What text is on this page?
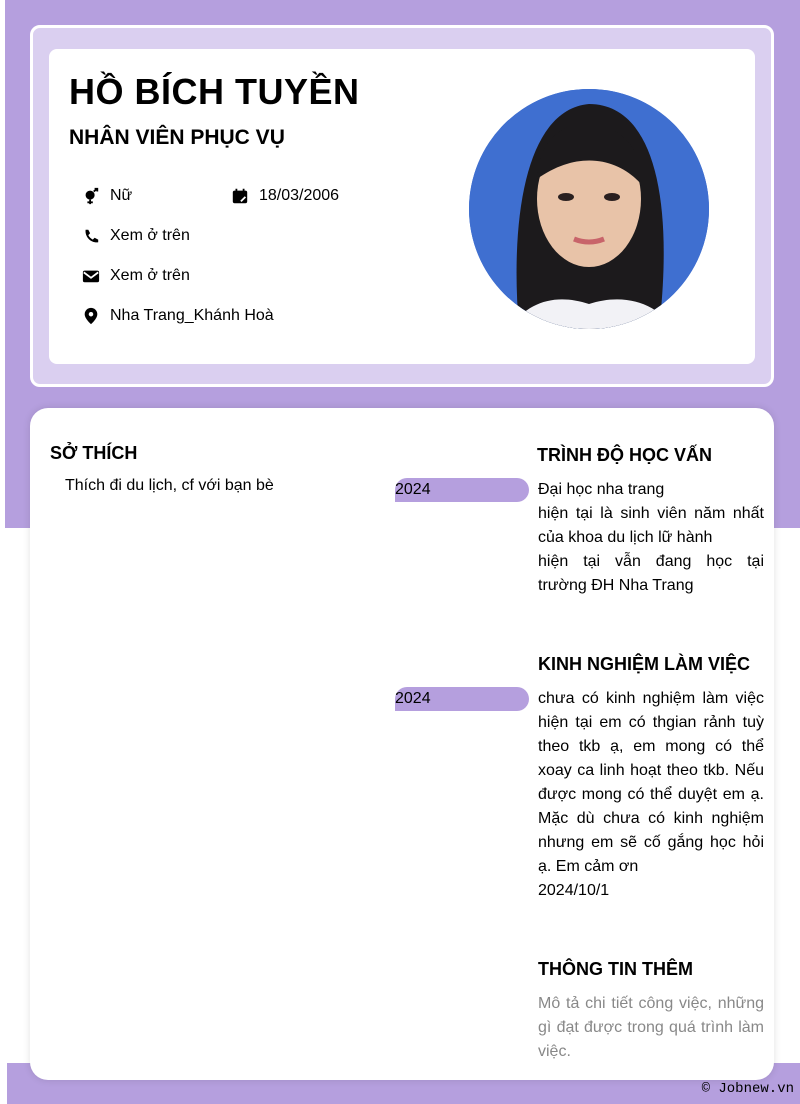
© Jobnew.vn
HỒ BÍCH TUYỀN
NHÂN VIÊN PHỤC VỤ
Nữ	18/03/2006
Xem ở trên
Xem ở trên
Nha Trang_Khánh Hoà
SỞ THÍCH
Thích đi du lịch, cf với bạn bè
TRÌNH ĐỘ HỌC VẤN
2024	Đại học nha trang
hiện tại là sinh viên năm nhất của khoa du lịch lữ hành
hiện tại vẫn đang học tại trường ĐH Nha Trang
KINH NGHIỆM LÀM VIỆC
2024	chưa có kinh nghiệm làm việc hiện tại em có thgian rảnh tuỳ theo tkb ạ, em mong có thể xoay ca linh hoạt theo tkb. Nếu được mong có thể duyệt em ạ. Mặc dù chưa có kinh nghiệm nhưng em sẽ cố gắng học hỏi ạ. Em cảm ơn
2024/10/1
THÔNG TIN THÊM
Mô tả chi tiết công việc, những gì đạt được trong quá trình làm việc.
